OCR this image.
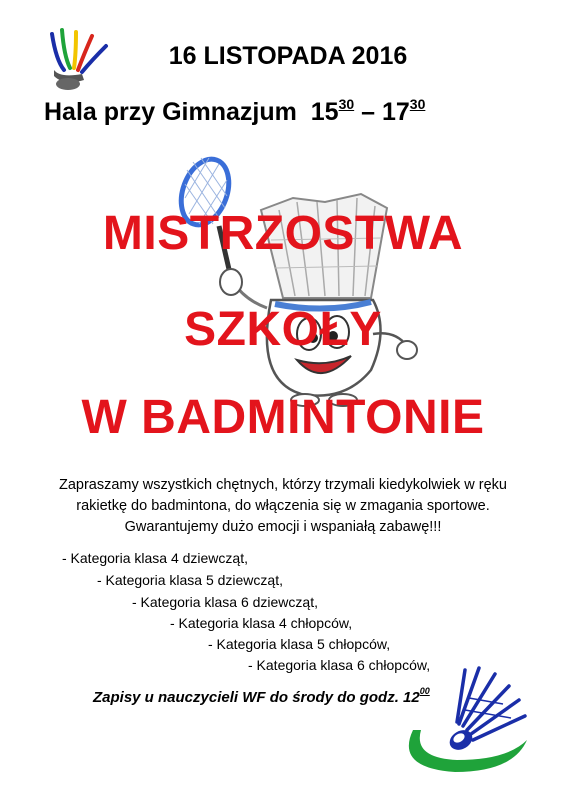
16 LISTOPADA 2016
Hala przy Gimnazjum $15^{30} - 17^{30}$
MISTRZOSTWA
SZKOŁY
W BADMINTONIE
Zapraszamy wszystkich chętnych, którzy trzymali kiedykolwiek w ręku
rakietkę do badmintona, do włączenia się w zmagania sportowe.
Gwarantujemy dużo emocji i wspaniałą zabawę!!!
- Kategoria klasa 4 dziewcząt,
- Kategoria klasa 5 dziewcząt,
- Kategoria klasa 6 dziewcząt,
- Kategoria klasa 4 chłopców,
- Kategoria klasa 5 chłopców,
- Kategoria klasa 6 chłopców,
Zapisy u nauczycieli WF do środy do godz. $12^{00}$
